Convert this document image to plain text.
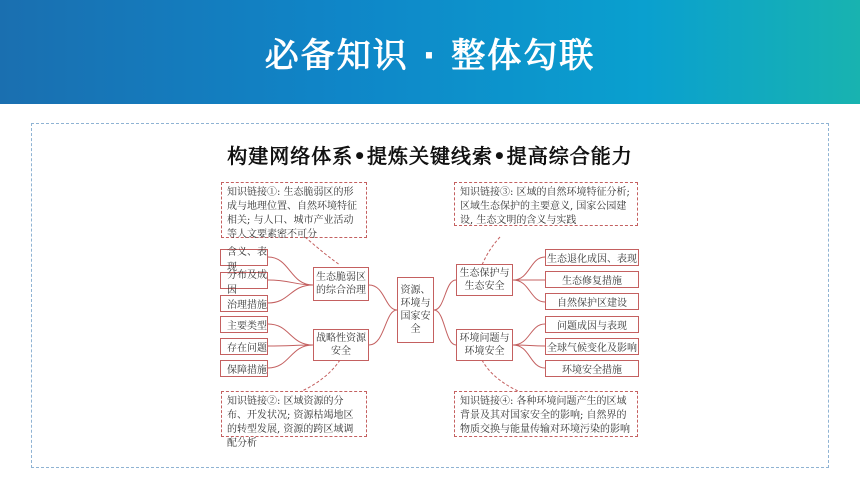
必备知识 · 整体勾联
构建网络体系•提炼关键线索•提高综合能力
知识链接①: 生态脆弱区的形成与地理位置、自然环境特征相关; 与人口、城市产业活动等人文要素密不可分
含义、表现
分布及成因
治理措施
生态脆弱区的综合治理
主要类型
存在问题
保障措施
战略性资源安全
知识链接②: 区域资源的分布、开发状况; 资源枯竭地区的转型发展, 资源的跨区域调配分析
资源、环境与国家安全
知识链接③: 区域的自然环境特征分析; 区域生态保护的主要意义, 国家公园建设, 生态文明的含义与实践
生态保护与生态安全
生态退化成因、表现
生态修复措施
自然保护区建设
环境问题与环境安全
问题成因与表现
全球气候变化及影响
环境安全措施
知识链接④: 各种环境问题产生的区域背景及其对国家安全的影响; 自然界的物质交换与能量传输对环境污染的影响
